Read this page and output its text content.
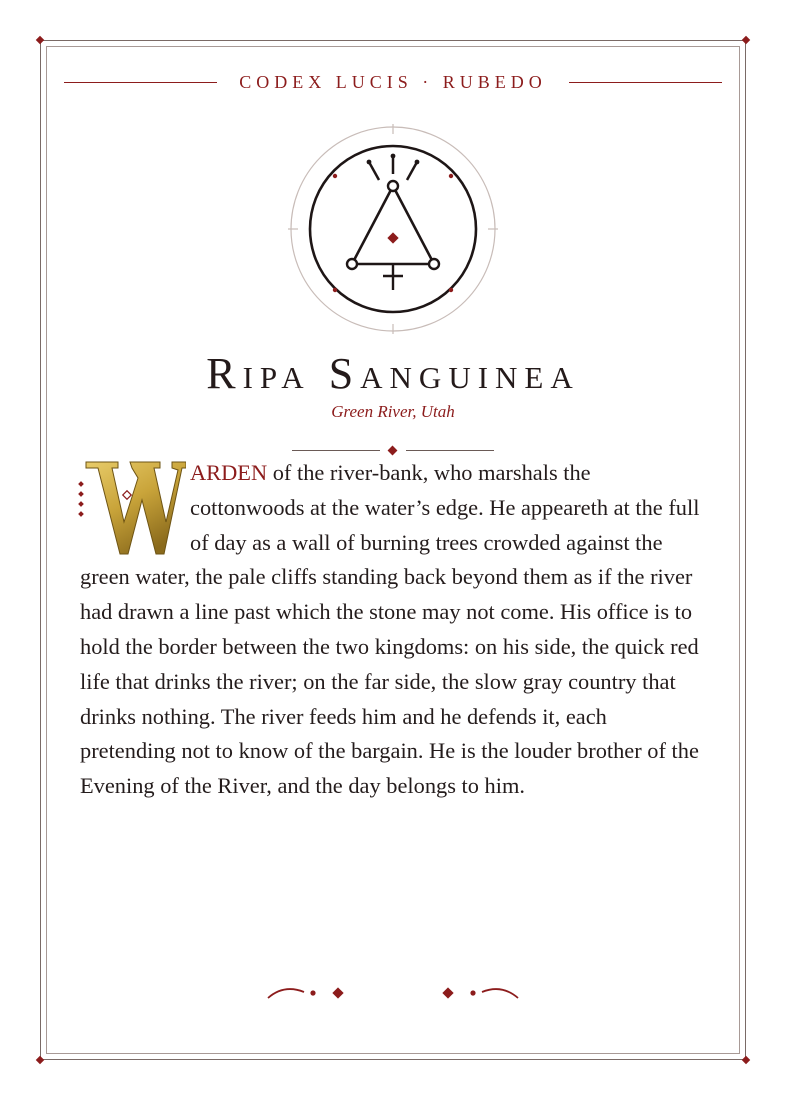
CODEX LUCIS · RUBEDO
Ripa Sanguinea
Green River, Utah

ARDEN of the river-bank, who marshals the cottonwoods at the water’s edge. He appeareth at the full of day as a wall of burning trees crowded against the green water, the pale cliffs standing back beyond them as if the river had drawn a line past which the stone may not come. His office is to hold the border between the two kingdoms: on his side, the quick red life that drinks the river; on the far side, the slow gray country that drinks nothing. The river feeds him and he defends it, each pretending not to know of the bargain. He is the louder brother of the Evening of the River, and the day belongs to him.
